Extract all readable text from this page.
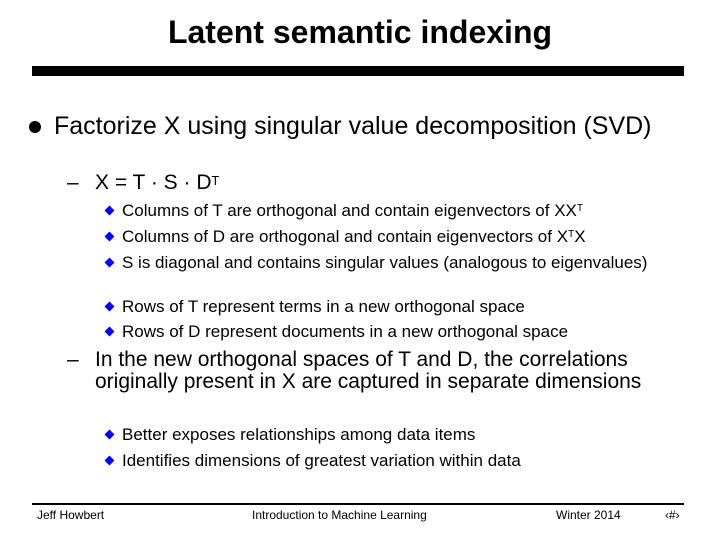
Latent semantic indexing
Factorize X using singular value decomposition (SVD)
– $X = T \cdot S \cdot D^T$
Columns of T are orthogonal and contain eigenvectors of $XX^T$
Columns of D are orthogonal and contain eigenvectors of $X^TX$
S is diagonal and contains singular values (analogous to eigenvalues)
Rows of T represent terms in a new orthogonal space
Rows of D represent documents in a new orthogonal space
– In the new orthogonal spaces of T and D, the correlations originally present in X are captured in separate dimensions
Better exposes relationships among data items
Identifies dimensions of greatest variation within data
Jeff Howbert	Introduction to Machine Learning	Winter 2014	‹#›
